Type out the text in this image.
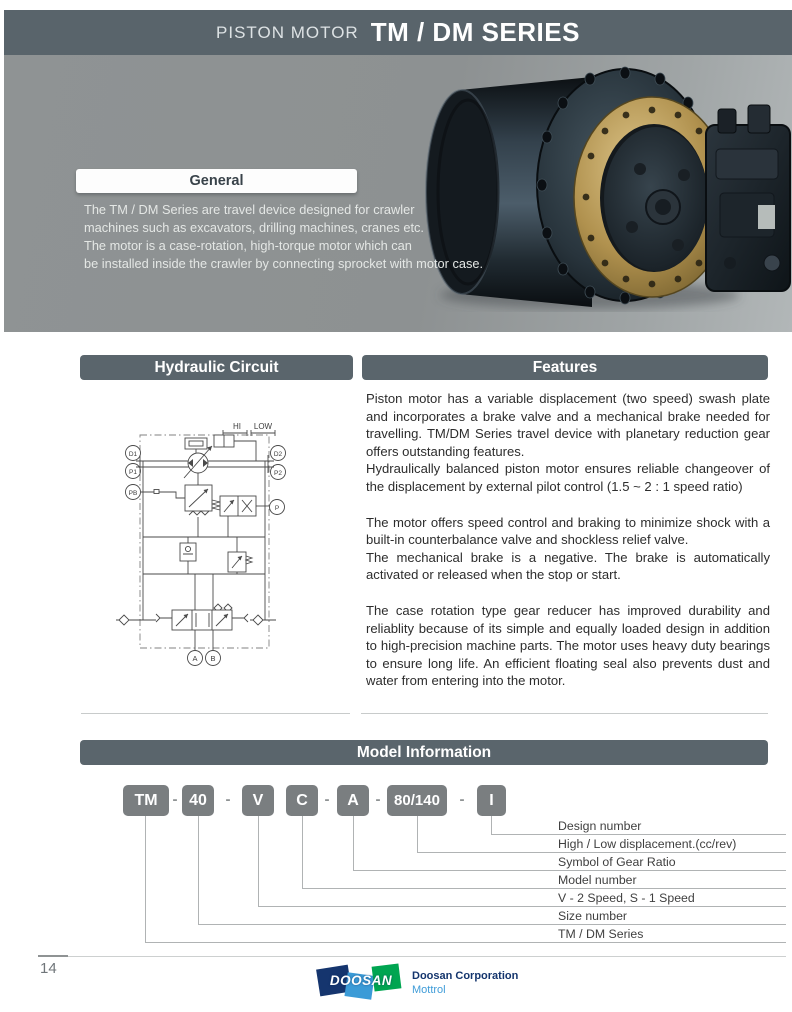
PISTON MOTOR TM / DM SERIES
General
The TM / DM Series are travel device designed for crawler
machines such as excavators, drilling machines, cranes etc.
The motor is a case-rotation, high-torque motor which can
be installed inside the crawler by connecting sprocket with motor case.
Hydraulic Circuit	Features
HI LOW
D1
P1
PB
D2
P2
P
A B

Piston motor has a variable displacement (two speed) swash plate and incorporates a brake valve and a mechanical brake needed for travelling. TM/DM Series travel device with planetary reduction gear offers outstanding features.

Hydraulically balanced piston motor ensures reliable changeover of the displacement by external pilot control (1.5 ~ 2 : 1 speed ratio)

The motor offers speed control and braking to minimize shock with a built-in counterbalance valve and shockless relief valve.

The mechanical brake is a negative. The brake is automatically activated or released when the stop or start.

The case rotation type gear reducer has improved durability and reliablity because of its simple and equally loaded design in addition to high-precision machine parts. The motor uses heavy duty bearings to ensure long life. An efficient floating seal also prevents dust and water from entering into the motor.

Model Information
TM - 40	-	V	C	-	A	- 80/140	-	I
Design number
High / Low displacement.(cc/rev)
Symbol of Gear Ratio
Model number
V - 2 Speed, S - 1 Speed
Size number
TM / DM Series
14
DOOSAN	Doosan Corporation
Mottrol
